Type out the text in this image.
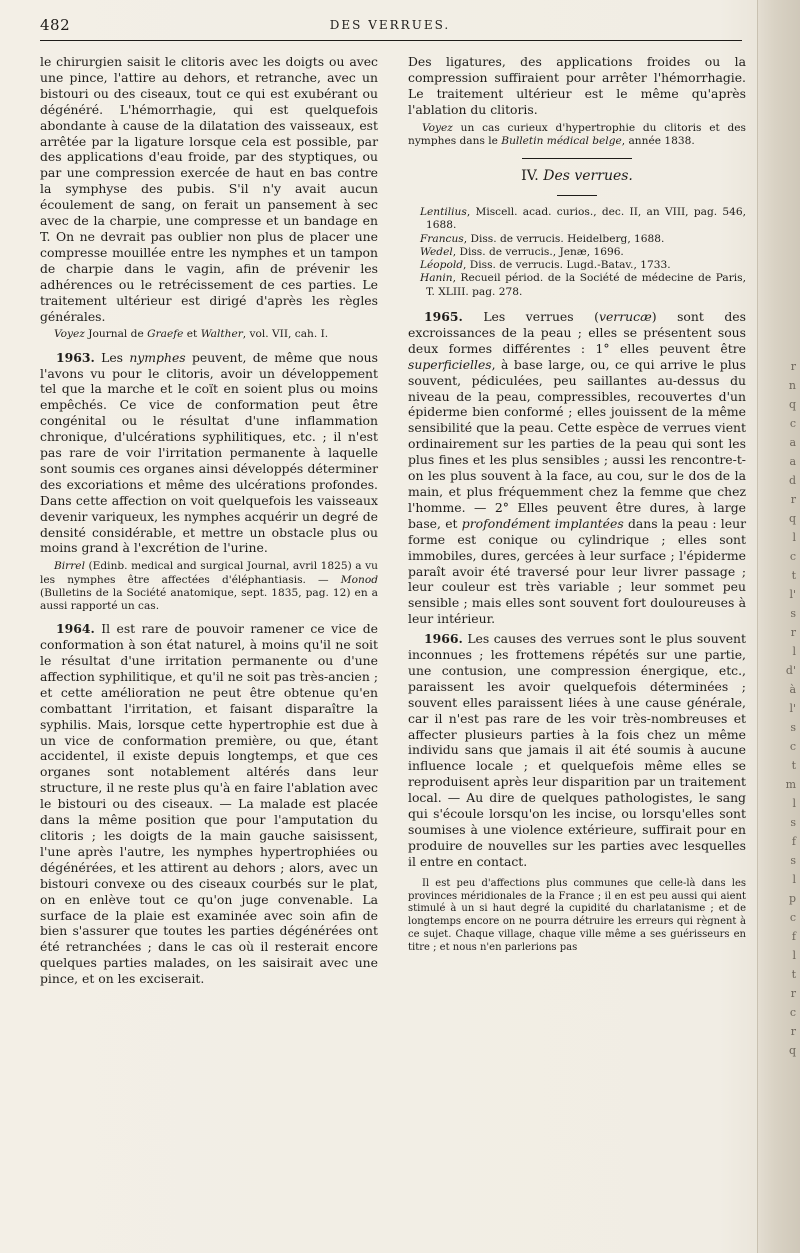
482	DES VERRUES.

le chirurgien saisit le clitoris avec les doigts ou avec une pince, l'attire au dehors, et retranche, avec un bistouri ou des ciseaux, tout ce qui est exubérant ou dégénéré. L'hémorrhagie, qui est quelquefois abondante à cause de la dilatation des vaisseaux, est arrêtée par la ligature lorsque cela est possible, par des applications d'eau froide, par des styptiques, ou par une compression exercée de haut en bas contre la symphyse des pubis. S'il n'y avait aucun écoulement de sang, on ferait un pansement à sec avec de la charpie, une compresse et un bandage en T. On ne devrait pas oublier non plus de placer une compresse mouillée entre les nymphes et un tampon de charpie dans le vagin, afin de prévenir les adhérences ou le retrécissement de ces parties. Le traitement ultérieur est dirigé d'après les règles générales.

Voyez Journal de Graefe et Walther, vol. VII, cah. I.

1963. Les nymphes peuvent, de même que nous l'avons vu pour le clitoris, avoir un développement tel que la marche et le coït en soient plus ou moins empêchés. Ce vice de conformation peut être congénital ou le résultat d'une inflammation chronique, d'ulcérations syphilitiques, etc. ; il n'est pas rare de voir l'irritation permanente à laquelle sont soumis ces organes ainsi développés déterminer des excoriations et même des ulcérations profondes. Dans cette affection on voit quelquefois les vaisseaux devenir variqueux, les nymphes acquérir un degré de densité considérable, et mettre un obstacle plus ou moins grand à l'excrétion de l'urine.

Birrel (Edinb. medical and surgical Journal, avril 1825) a vu les nymphes être affectées d'éléphantiasis. — Monod (Bulletins de la Société anatomique, sept. 1835, pag. 12) en a aussi rapporté un cas.

1964. Il est rare de pouvoir ramener ce vice de conformation à son état naturel, à moins qu'il ne soit le résultat d'une irritation permanente ou d'une affection syphilitique, et qu'il ne soit pas très-ancien ; et cette amélioration ne peut être obtenue qu'en combattant l'irritation, et faisant disparaître la syphilis. Mais, lorsque cette hypertrophie est due à un vice de conformation première, ou que, étant accidentel, il existe depuis longtemps, et que ces organes sont notablement altérés dans leur structure, il ne reste plus qu'à en faire l'ablation avec le bistouri ou des ciseaux. — La malade est placée dans la même position que pour l'amputation du clitoris ; les doigts de la main gauche saisissent, l'une après l'autre, les nymphes hypertrophiées ou dégénérées, et les attirent au dehors ; alors, avec un bistouri convexe ou des ciseaux courbés sur le plat, on en enlève tout ce qu'on juge convenable. La surface de la plaie est examinée avec soin afin de bien s'assurer que toutes les parties dégénérées ont été retranchées ; dans le cas où il resterait encore quelques parties malades, on les saisirait avec une pince, et on les exciserait.

Des ligatures, des applications froides ou la compression suffiraient pour arrêter l'hémorrhagie. Le traitement ultérieur est le même qu'après l'ablation du clitoris.

Voyez un cas curieux d'hypertrophie du clitoris et des nymphes dans le Bulletin médical belge, année 1838.

IV. Des verrues.

Lentilius, Miscell. acad. curios., dec. II, an VIII, pag. 546, 1688.

Francus, Diss. de verrucis. Heidelberg, 1688.

Wedel, Diss. de verrucis., Jenæ, 1696.

Léopold, Diss. de verrucis. Lugd.-Batav., 1733.

Hanin, Recueil périod. de la Société de médecine de Paris, T. XLIII. pag. 278.

1965. Les verrues (verrucæ) sont des excroissances de la peau ; elles se présentent sous deux formes différentes : 1° elles peuvent être superficielles, à base large, ou, ce qui arrive le plus souvent, pédiculées, peu saillantes au-dessus du niveau de la peau, compressibles, recouvertes d'un épiderme bien conformé ; elles jouissent de la même sensibilité que la peau. Cette espèce de verrues vient ordinairement sur les parties de la peau qui sont les plus fines et les plus sensibles ; aussi les rencontre-t-on les plus souvent à la face, au cou, sur le dos de la main, et plus fréquemment chez la femme que chez l'homme. — 2° Elles peuvent être dures, à large base, et profondément implantées dans la peau : leur forme est conique ou cylindrique ; elles sont immobiles, dures, gercées à leur surface ; l'épiderme paraît avoir été traversé pour leur livrer passage ; leur couleur est très variable ; leur sommet peu sensible ; mais elles sont souvent fort douloureuses à leur intérieur.

1966. Les causes des verrues sont le plus souvent inconnues ; les frottemens répétés sur une partie, une contusion, une compression énergique, etc., paraissent les avoir quelquefois déterminées ; souvent elles paraissent liées à une cause générale, car il n'est pas rare de les voir très-nombreuses et affecter plusieurs parties à la fois chez un même individu sans que jamais il ait été soumis à aucune influence locale ; et quelquefois même elles se reproduisent après leur disparition par un traitement local. — Au dire de quelques pathologistes, le sang qui s'écoule lorsqu'on les incise, ou lorsqu'elles sont soumises à une violence extérieure, suffirait pour en produire de nouvelles sur les parties avec lesquelles il entre en contact.

Il est peu d'affections plus communes que celle-là dans les provinces méridionales de la France ; il en est peu aussi qui aient stimulé à un si haut degré la cupidité du charlatanisme ; et de longtemps encore on ne pourra détruire les erreurs qui règnent à ce sujet. Chaque village, chaque ville même a ses guérisseurs en titre ; et nous n'en parlerions pas

r
n
q
c
a
a
d
r
q
l
c
t
l'
s
r
l
d'
à
l'
s
c
t
m
l
s
f
s
l
p
c
f
l
t
r
c
r
q
